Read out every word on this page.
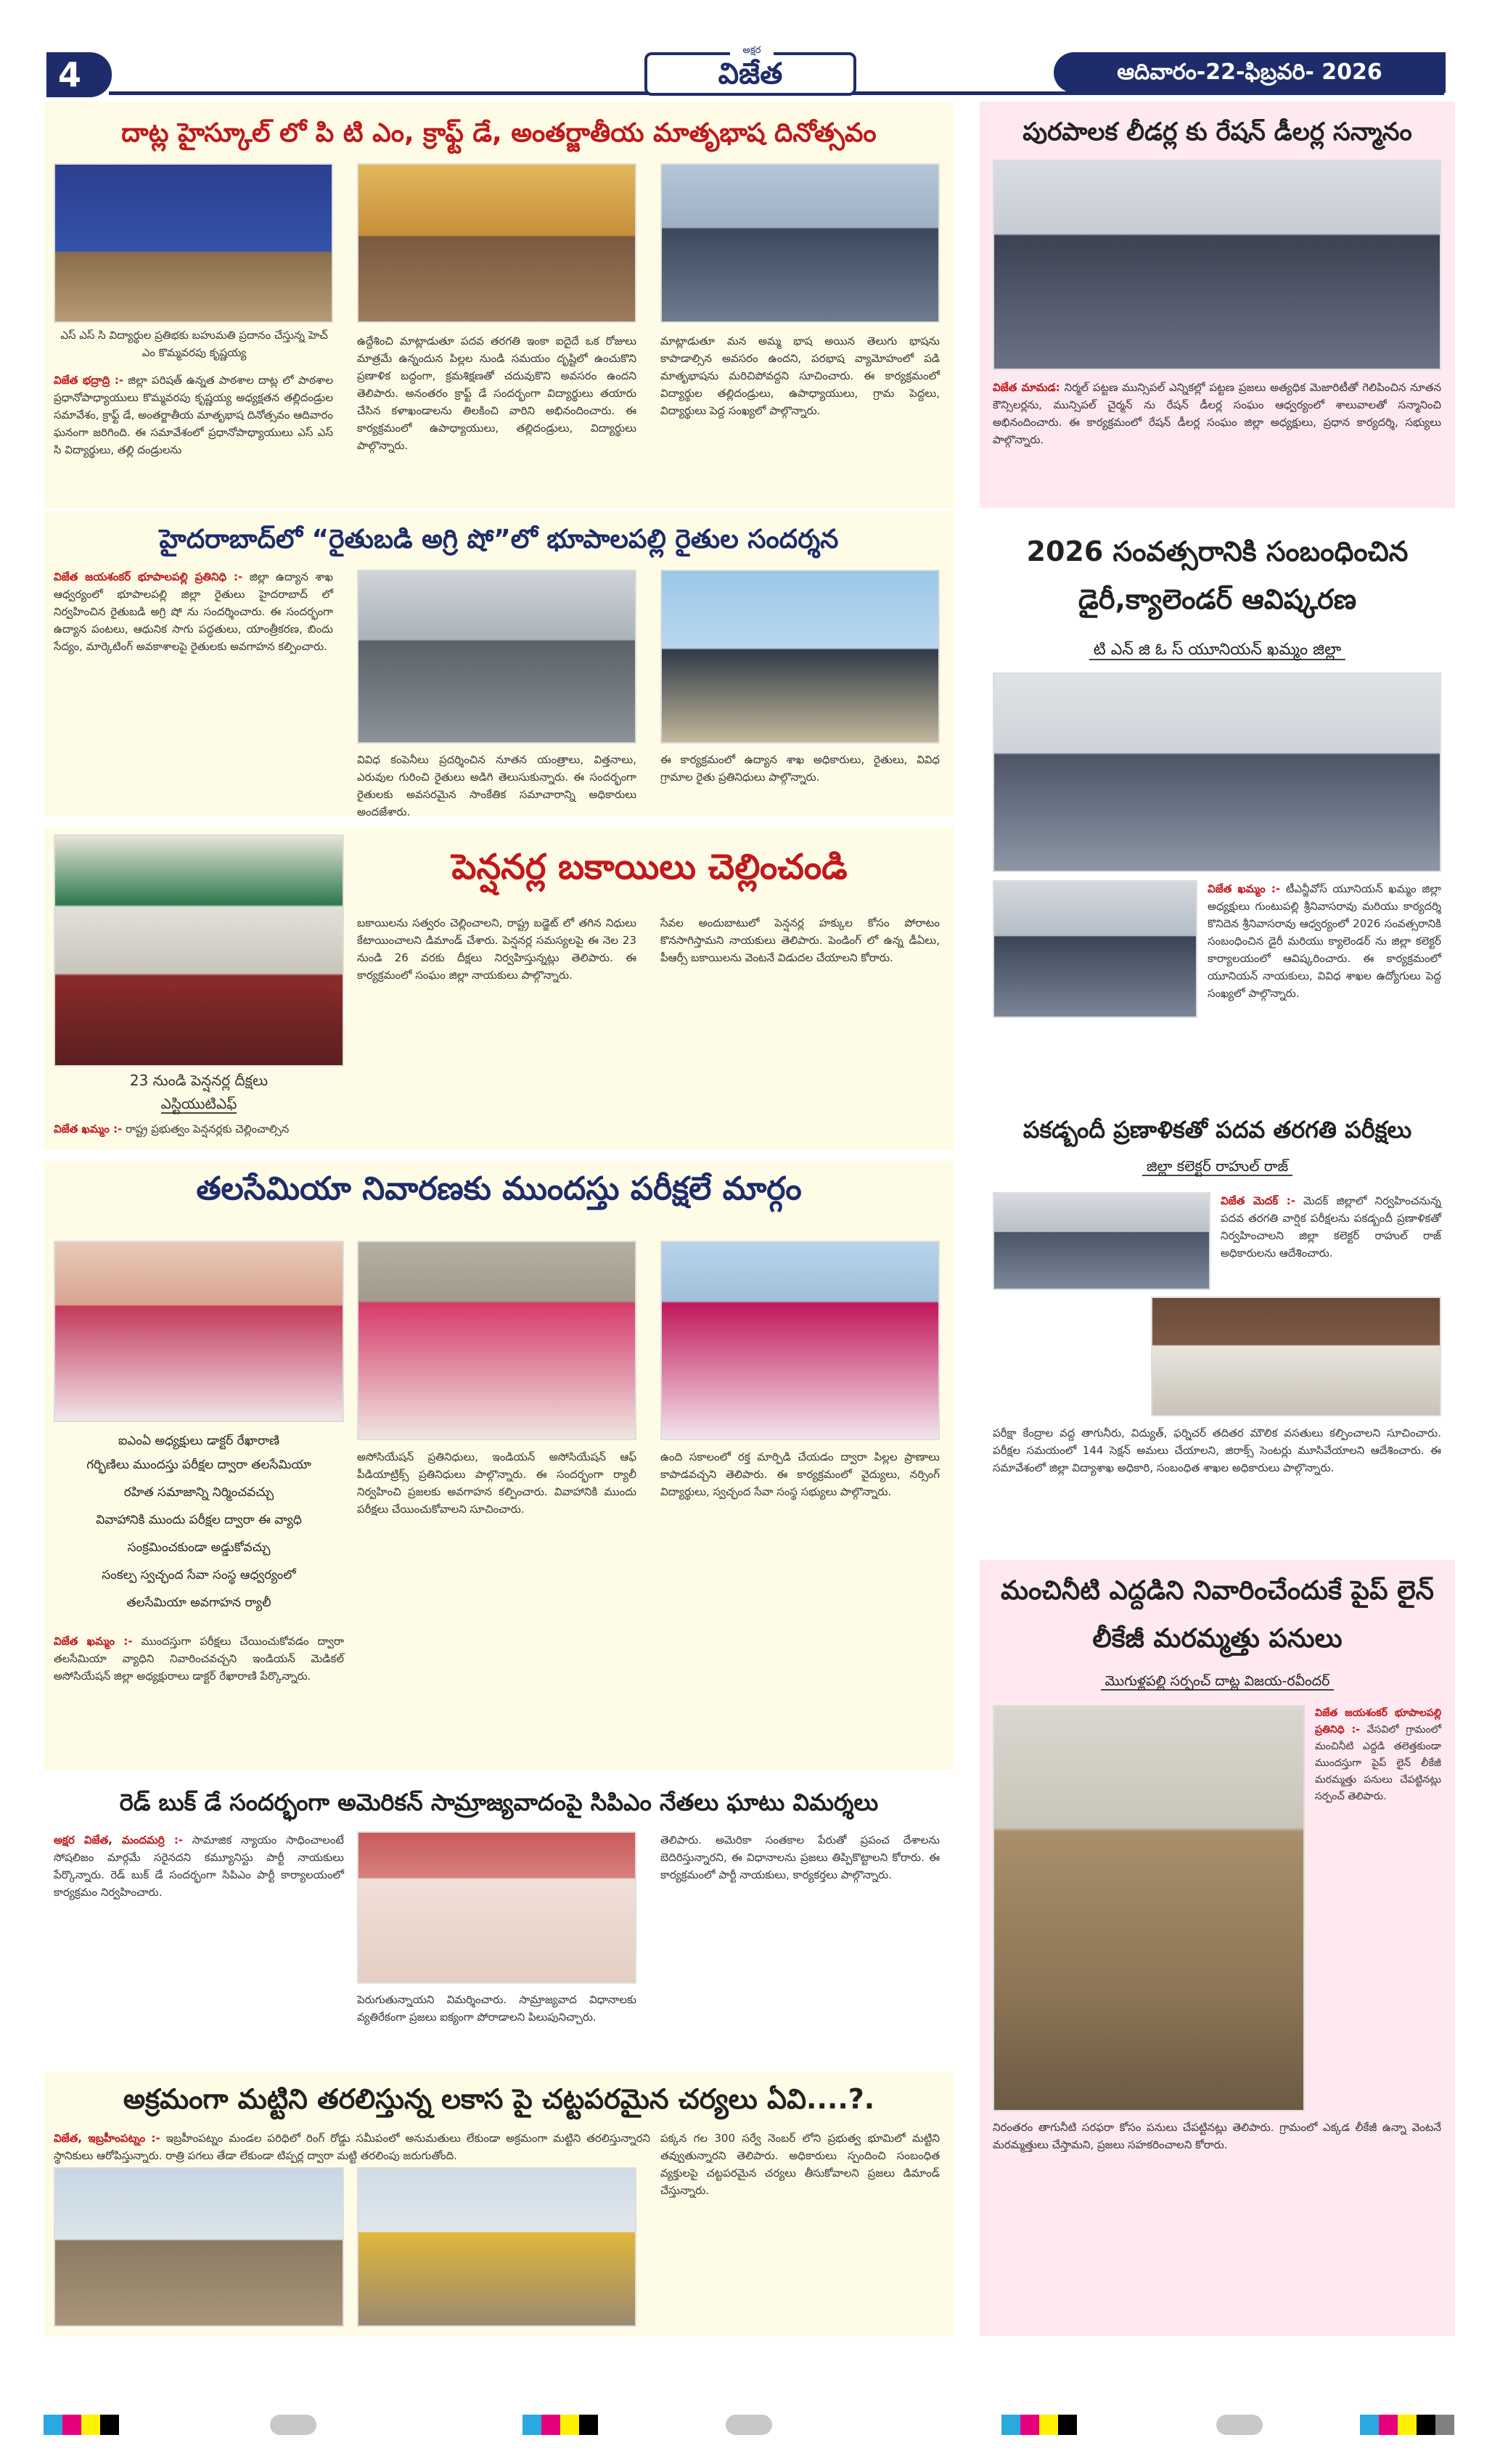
4
అక్షర
విజేత	ఆదివారం-22-ఫిబ్రవరి- 2026
దాట్ల హైస్కూల్ లో పి టి ఎం, క్రాఫ్ట్ డే, అంతర్జాతీయ మాతృభాష దినోత్సవం
ఎస్ ఎస్ సి విద్యార్థుల ప్రతిభకు బహుమతి ప్రదానం చేస్తున్న హెచ్ ఎం కొమ్మవరపు కృష్ణయ్య
విజేత భద్రాద్రి :- జిల్లా పరిషత్ ఉన్నత పాఠశాల దాట్ల లో పాఠశాల ప్రధానోపాధ్యాయులు కొమ్మవరపు కృష్ణయ్య అధ్యక్షతన తల్లిదండ్రుల సమావేశం, క్రాఫ్ట్ డే, అంతర్జాతీయ మాతృభాష దినోత్సవం ఆదివారం ఘనంగా జరిగింది. ఈ సమావేశంలో ప్రధానోపాధ్యాయులు ఎస్ ఎస్ సి విద్యార్థులు, తల్లి దండ్రులను
ఉద్దేశించి మాట్లాడుతూ పదవ తరగతి ఇంకా ఐదైదే ఒక రోజులు మాత్రమే ఉన్నందున పిల్లల నుండి సమయం దృష్టిలో ఉంచుకొని ప్రణాళిక బద్ధంగా, క్రమశిక్షణతో చదువుకొని అవసరం ఉందని తెలిపారు. అనంతరం క్రాఫ్ట్ డే సందర్భంగా విద్యార్థులు తయారు చేసిన కళాఖండాలను తిలకించి వారిని అభినందించారు. ఈ కార్యక్రమంలో ఉపాధ్యాయులు, తల్లిదండ్రులు, విద్యార్థులు పాల్గొన్నారు.
మాట్లాడుతూ మన అమ్మ భాష అయిన తెలుగు భాషను కాపాడాల్సిన అవసరం ఉందని, పరభాష వ్యామోహంలో పడి మాతృభాషను మరిచిపోవద్దని సూచించారు. ఈ కార్యక్రమంలో విద్యార్థుల తల్లిదండ్రులు, ఉపాధ్యాయులు, గ్రామ పెద్దలు, విద్యార్థులు పెద్ద సంఖ్యలో పాల్గొన్నారు.
పురపాలక లీడర్ల కు రేషన్ డీలర్ల సన్మానం
విజేత మామడ: నిర్మల్ పట్టణ మున్సిపల్ ఎన్నికల్లో పట్టణ ప్రజలు అత్యధిక మెజారిటీతో గెలిపించిన నూతన కౌన్సిలర్లను, మున్సిపల్ చైర్మన్ ను రేషన్ డీలర్ల సంఘం ఆధ్వర్యంలో శాలువాలతో సన్మానించి అభినందించారు. ఈ కార్యక్రమంలో రేషన్ డీలర్ల సంఘం జిల్లా అధ్యక్షులు, ప్రధాన కార్యదర్శి, సభ్యులు పాల్గొన్నారు.
హైదరాబాద్‌లో “రైతుబడి అగ్రి షో”లో భూపాలపల్లి రైతుల సందర్శన
విజేత జయశంకర్ భూపాలపల్లి ప్రతినిధి :- జిల్లా ఉద్యాన శాఖ ఆధ్వర్యంలో భూపాలపల్లి జిల్లా రైతులు హైదరాబాద్ లో నిర్వహించిన రైతుబడి అగ్రి షో ను సందర్శించారు. ఈ సందర్భంగా ఉద్యాన పంటలు, ఆధునిక సాగు పద్ధతులు, యాంత్రీకరణ, బిందు సేద్యం, మార్కెటింగ్ అవకాశాలపై రైతులకు అవగాహన కల్పించారు.
వివిధ కంపెనీలు ప్రదర్శించిన నూతన యంత్రాలు, విత్తనాలు, ఎరువుల గురించి రైతులు అడిగి తెలుసుకున్నారు. ఈ సందర్భంగా రైతులకు అవసరమైన సాంకేతిక సమాచారాన్ని అధికారులు అందజేశారు.
ఈ కార్యక్రమంలో ఉద్యాన శాఖ అధికారులు, రైతులు, వివిధ గ్రామాల రైతు ప్రతినిధులు పాల్గొన్నారు.
2026 సంవత్సరానికి సంబంధించిన డైరీ,క్యాలెండర్ ఆవిష్కరణ
టి ఎన్ జి ఓ స్ యూనియన్ ఖమ్మం జిల్లా
విజేత ఖమ్మం :- టీఎన్జీవోస్ యూనియన్ ఖమ్మం జిల్లా అధ్యక్షులు గుంటుపల్లి శ్రీనివాసరావు మరియు కార్యదర్శి కొనిదెన శ్రీనివాసరావు ఆధ్వర్యంలో 2026 సంవత్సరానికి సంబంధించిన డైరీ మరియు క్యాలెండర్ ను జిల్లా కలెక్టర్ కార్యాలయంలో ఆవిష్కరించారు. ఈ కార్యక్రమంలో యూనియన్ నాయకులు, వివిధ శాఖల ఉద్యోగులు పెద్ద సంఖ్యలో పాల్గొన్నారు.
23 నుండి పెన్షనర్ల దీక్షలు
ఎస్టియుటిఎఫ్
విజేత ఖమ్మం :- రాష్ట్ర ప్రభుత్వం పెన్షనర్లకు చెల్లించాల్సిన
పెన్షనర్ల బకాయిలు చెల్లించండి
బకాయిలను సత్వరం చెల్లించాలని, రాష్ట్ర బడ్జెట్ లో తగిన నిధులు కేటాయించాలని డిమాండ్ చేశారు. పెన్షనర్ల సమస్యలపై ఈ నెల 23 నుండి 26 వరకు దీక్షలు నిర్వహిస్తున్నట్లు తెలిపారు. ఈ కార్యక్రమంలో సంఘం జిల్లా నాయకులు పాల్గొన్నారు.
సేవల అందుబాటులో పెన్షనర్ల హక్కుల కోసం పోరాటం కొనసాగిస్తామని నాయకులు తెలిపారు. పెండింగ్ లో ఉన్న డీఏలు, పీఆర్సీ బకాయిలను వెంటనే విడుదల చేయాలని కోరారు.
పకడ్బందీ ప్రణాళికతో పదవ తరగతి పరీక్షలు
జిల్లా కలెక్టర్ రాహుల్ రాజ్
విజేత మెదక్ :- మెదక్ జిల్లాలో నిర్వహించనున్న పదవ తరగతి వార్షిక పరీక్షలను పకడ్బందీ ప్రణాళికతో నిర్వహించాలని జిల్లా కలెక్టర్ రాహుల్ రాజ్ అధికారులను ఆదేశించారు.
పరీక్షా కేంద్రాల వద్ద తాగునీరు, విద్యుత్, ఫర్నిచర్ తదితర మౌలిక వసతులు కల్పించాలని సూచించారు. పరీక్షల సమయంలో 144 సెక్షన్ అమలు చేయాలని, జిరాక్స్ సెంటర్లు మూసివేయాలని ఆదేశించారు. ఈ సమావేశంలో జిల్లా విద్యాశాఖ అధికారి, సంబంధిత శాఖల అధికారులు పాల్గొన్నారు.
తలసేమియా నివారణకు ముందస్తు పరీక్షలే మార్గం
ఐఎంఏ అధ్యక్షులు డాక్టర్ రేఖారాణి
గర్భిణిలు ముందస్తు పరీక్షల ద్వారా తలసేమియా
రహిత సమాజాన్ని నిర్మించవచ్చు
వివాహానికి ముందు పరీక్షల ద్వారా ఈ వ్యాధి
సంక్రమించకుండా అడ్డుకోవచ్చు
సంకల్ప స్వచ్ఛంద సేవా సంస్థ ఆధ్వర్యంలో
తలసేమియా అవగాహన ర్యాలీ
విజేత ఖమ్మం :- ముందస్తుగా పరీక్షలు చేయించుకోవడం ద్వారా తలసేమియా వ్యాధిని నివారించవచ్చని ఇండియన్ మెడికల్ అసోసియేషన్ జిల్లా అధ్యక్షురాలు డాక్టర్ రేఖారాణి పేర్కొన్నారు.
అసోసియేషన్ ప్రతినిధులు, ఇండియన్ అసోసియేషన్ ఆఫ్ పీడియాట్రిక్స్ ప్రతినిధులు పాల్గొన్నారు. ఈ సందర్భంగా ర్యాలీ నిర్వహించి ప్రజలకు అవగాహన కల్పించారు. వివాహానికి ముందు పరీక్షలు చేయించుకోవాలని సూచించారు.
ఉంది సకాలంలో రక్త మార్పిడి చేయడం ద్వారా పిల్లల ప్రాణాలు కాపాడవచ్చని తెలిపారు. ఈ కార్యక్రమంలో వైద్యులు, నర్సింగ్ విద్యార్థులు, స్వచ్ఛంద సేవా సంస్థ సభ్యులు పాల్గొన్నారు.
మంచినీటి ఎద్దడిని నివారించేందుకే పైప్ లైన్ లీకేజీ మరమ్మత్తు పనులు
మొగుళ్లపల్లి సర్పంచ్ దాట్ల విజయ-రవీందర్
విజేత జయశంకర్ భూపాలపల్లి ప్రతినిధి :- వేసవిలో గ్రామంలో మంచినీటి ఎద్దడి తలెత్తకుండా ముందస్తుగా పైప్ లైన్ లీకేజీ మరమ్మత్తు పనులు చేపట్టినట్లు సర్పంచ్ తెలిపారు.
నిరంతరం తాగునీటి సరఫరా కోసం పనులు చేపట్టినట్లు తెలిపారు. గ్రామంలో ఎక్కడ లీకేజీ ఉన్నా వెంటనే మరమ్మత్తులు చేస్తామని, ప్రజలు సహకరించాలని కోరారు.
రెడ్ బుక్ డే సందర్భంగా అమెరికన్ సామ్రాజ్యవాదంపై సిపిఎం నేతలు ఘాటు విమర్శలు
అక్షర విజేత, మందమర్రి :- సామాజిక న్యాయం సాధించాలంటే సోషలిజం మార్గమే సరైనదని కమ్యూనిస్టు పార్టీ నాయకులు పేర్కొన్నారు. రెడ్ బుక్ డే సందర్భంగా సిపిఎం పార్టీ కార్యాలయంలో కార్యక్రమం నిర్వహించారు.
పెరుగుతున్నాయని విమర్శించారు. సామ్రాజ్యవాద విధానాలకు వ్యతిరేకంగా ప్రజలు ఐక్యంగా పోరాడాలని పిలుపునిచ్చారు.
తెలిపారు. అమెరికా సంతకాల పేరుతో ప్రపంచ దేశాలను బెదిరిస్తున్నారని, ఈ విధానాలను ప్రజలు తిప్పికొట్టాలని కోరారు. ఈ కార్యక్రమంలో పార్టీ నాయకులు, కార్యకర్తలు పాల్గొన్నారు.
అక్రమంగా మట్టిని తరలిస్తున్న లకాస పై చట్టపరమైన చర్యలు ఏవి....?.
విజేత, ఇబ్రహీంపట్నం :- ఇబ్రహీంపట్నం మండల పరిధిలో రింగ్ రోడ్డు సమీపంలో అనుమతులు లేకుండా అక్రమంగా మట్టిని తరలిస్తున్నారని స్థానికులు ఆరోపిస్తున్నారు. రాత్రి పగలు తేడా లేకుండా టిప్పర్ల ద్వారా మట్టి తరలింపు జరుగుతోంది.
పక్కన గల 300 సర్వే నెంబర్ లోని ప్రభుత్వ భూమిలో మట్టిని తవ్వుతున్నారని తెలిపారు. అధికారులు స్పందించి సంబంధిత వ్యక్తులపై చట్టపరమైన చర్యలు తీసుకోవాలని ప్రజలు డిమాండ్ చేస్తున్నారు.
